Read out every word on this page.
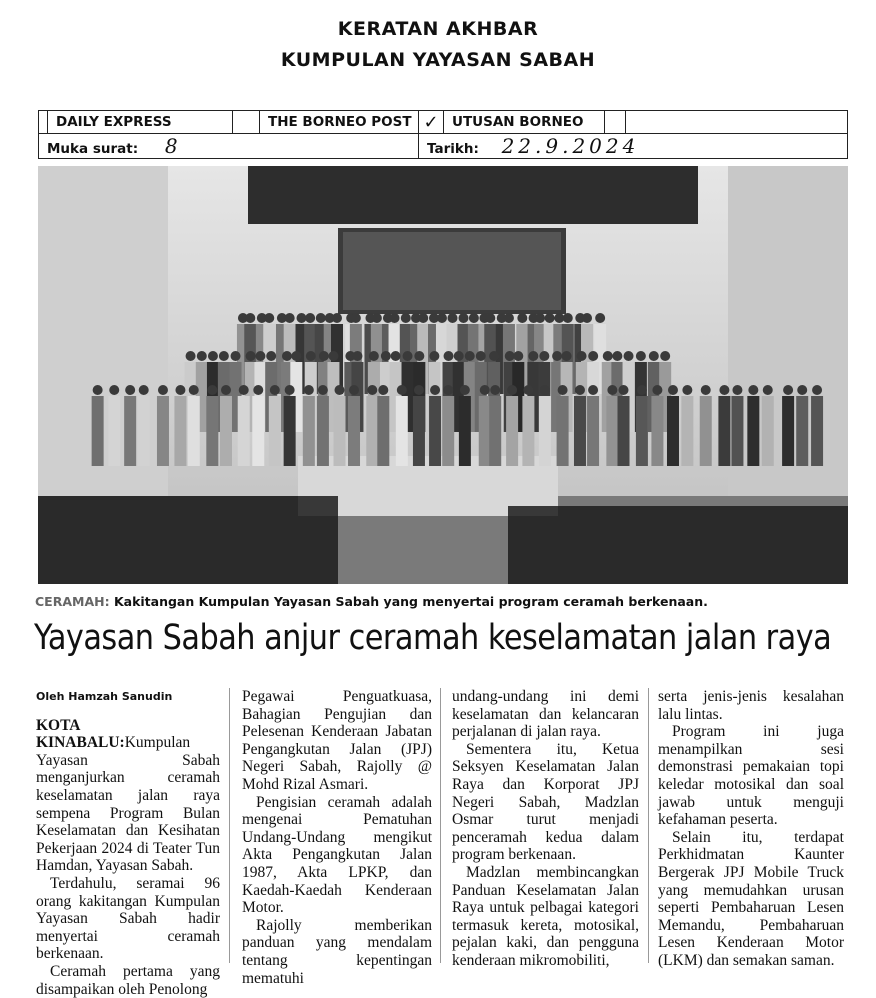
KERATAN AKHBAR
KUMPULAN YAYASAN SABAH
	DAILY EXPRESS		THE BORNEO POST	✓	UTUSAN BORNEO		
Muka surat: 8				Tarikh: 22.9.2024			
CERAMAH: Kakitangan Kumpulan Yayasan Sabah yang menyertai program ceramah berkenaan.
Yayasan Sabah anjur ceramah keselamatan jalan raya

Oleh Hamzah Sanudin

KOTA KINABALU:Kumpulan Yayasan Sabah menganjurkan ceramah keselamatan jalan raya sempena Program Bulan Keselamatan dan Kesihatan Pekerjaan 2024 di Teater Tun Hamdan, Yayasan Sabah.

Terdahulu, seramai 96 orang kakitangan Kumpulan Yayasan Sabah hadir menyertai ceramah berkenaan.

Ceramah pertama yang disampaikan oleh Penolong

Pegawai Penguatkuasa, Bahagian Pengujian dan Pelesenan Kenderaan Jabatan Pengangkutan Jalan (JPJ) Negeri Sabah, Rajolly @ Mohd Rizal Asmari.

Pengisian ceramah adalah mengenai Pematuhan Undang-Undang mengikut Akta Pengangkutan Jalan 1987, Akta LPKP, dan Kaedah-Kaedah Kenderaan Motor.

Rajolly memberikan panduan yang mendalam tentang kepentingan mematuhi

undang-undang ini demi keselamatan dan kelancaran perjalanan di jalan raya.

Sementera itu, Ketua Seksyen Keselamatan Jalan Raya dan Korporat JPJ Negeri Sabah, Madzlan Osmar turut menjadi penceramah kedua dalam program berkenaan.

Madzlan membincangkan Panduan Keselamatan Jalan Raya untuk pelbagai kategori termasuk kereta, motosikal, pejalan kaki, dan pengguna kenderaan mikromobiliti,

serta jenis-jenis kesalahan lalu lintas.

Program ini juga menampilkan sesi demonstrasi pemakaian topi keledar motosikal dan soal jawab untuk menguji kefahaman peserta.

Selain itu, terdapat Perkhidmatan Kaunter Bergerak JPJ Mobile Truck yang memudahkan urusan seperti Pembaharuan Lesen Memandu, Pembaharuan Lesen Kenderaan Motor (LKM) dan semakan saman.
